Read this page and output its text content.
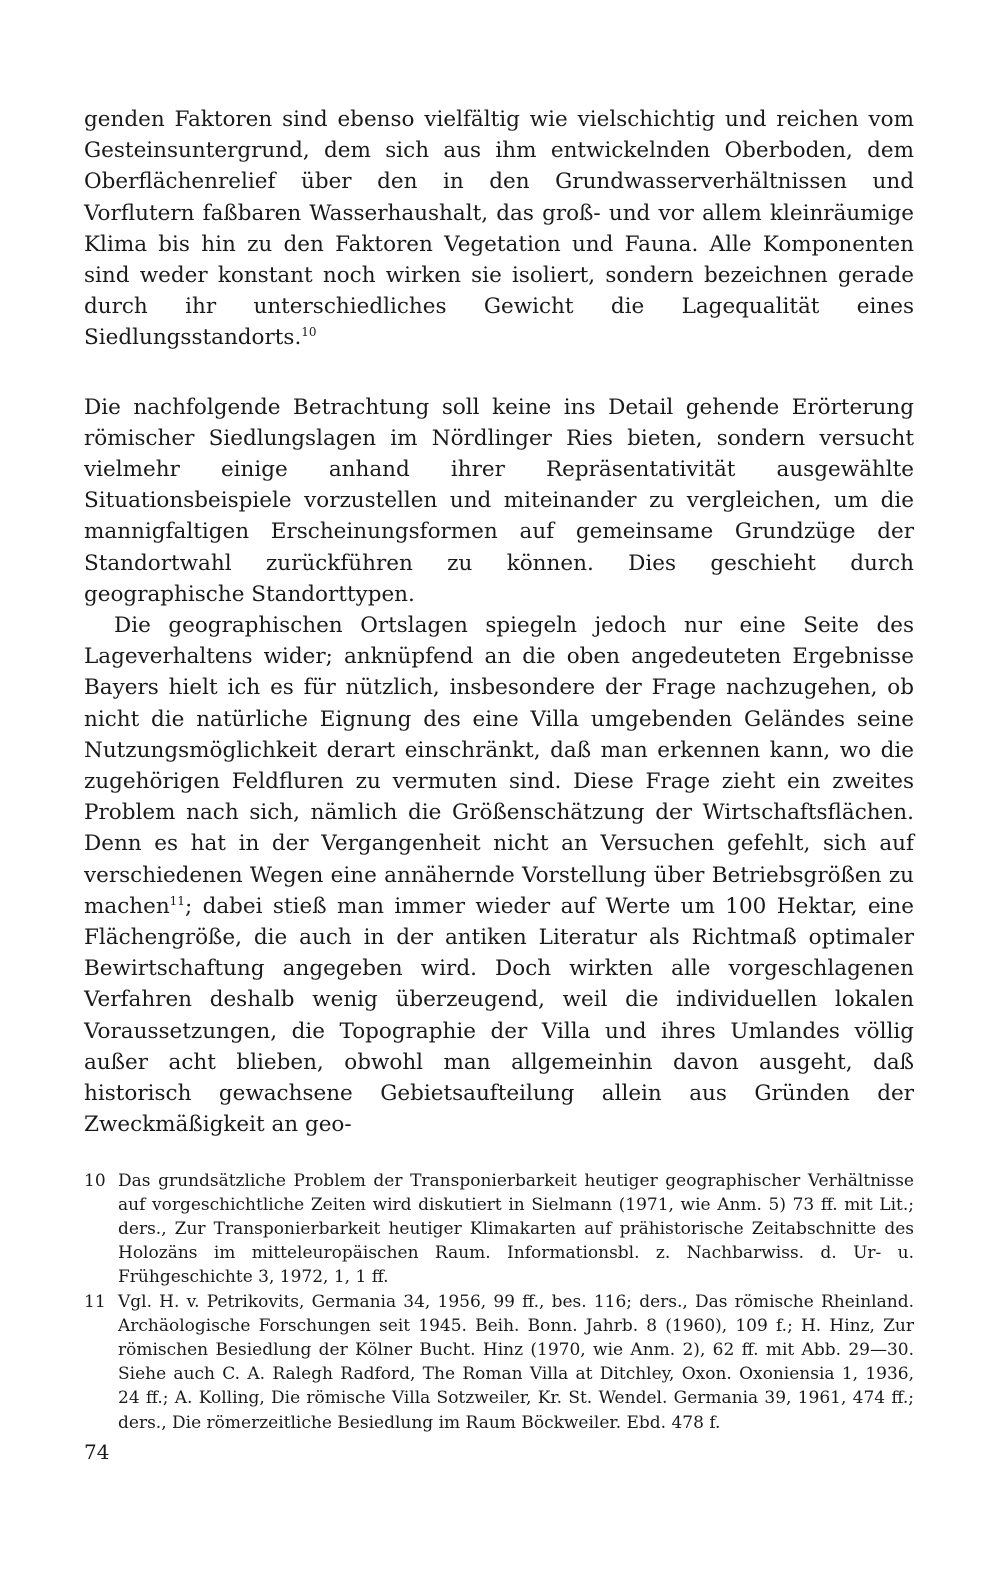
genden Faktoren sind ebenso vielfältig wie vielschichtig und reichen vom Gesteinsuntergrund, dem sich aus ihm entwickelnden Oberboden, dem Oberflächenrelief über den in den Grundwasserverhältnissen und Vorflutern faßbaren Wasserhaushalt, das groß- und vor allem kleinräumige Klima bis hin zu den Faktoren Vegetation und Fauna. Alle Komponenten sind weder konstant noch wirken sie isoliert, sondern bezeichnen gerade durch ihr unterschiedliches Gewicht die Lagequalität eines Siedlungsstandorts.$^{10}$

Die nachfolgende Betrachtung soll keine ins Detail gehende Erörterung römischer Siedlungslagen im Nördlinger Ries bieten, sondern versucht vielmehr einige anhand ihrer Repräsentativität ausgewählte Situationsbeispiele vorzustellen und miteinander zu vergleichen, um die mannigfaltigen Erscheinungsformen auf gemeinsame Grundzüge der Standortwahl zurückführen zu können. Dies geschieht durch geographische Standorttypen.

Die geographischen Ortslagen spiegeln jedoch nur eine Seite des Lageverhaltens wider; anknüpfend an die oben angedeuteten Ergebnisse Bayers hielt ich es für nützlich, insbesondere der Frage nachzugehen, ob nicht die natürliche Eignung des eine Villa umgebenden Geländes seine Nutzungsmöglichkeit derart einschränkt, daß man erkennen kann, wo die zugehörigen Feldfluren zu vermuten sind. Diese Frage zieht ein zweites Problem nach sich, nämlich die Größenschätzung der Wirtschaftsflächen. Denn es hat in der Vergangenheit nicht an Versuchen gefehlt, sich auf verschiedenen Wegen eine annähernde Vorstellung über Betriebsgrößen zu machen$^{11}$; dabei stieß man immer wieder auf Werte um 100 Hektar, eine Flächengröße, die auch in der antiken Literatur als Richtmaß optimaler Bewirtschaftung angegeben wird. Doch wirkten alle vorgeschlagenen Verfahren deshalb wenig überzeugend, weil die individuellen lokalen Voraussetzungen, die Topographie der Villa und ihres Umlandes völlig außer acht blieben, obwohl man allgemeinhin davon ausgeht, daß historisch gewachsene Gebietsaufteilung allein aus Gründen der Zweckmäßigkeit an geo-

10 Das grundsätzliche Problem der Transponierbarkeit heutiger geographischer Verhältnisse auf vorgeschichtliche Zeiten wird diskutiert in Sielmann (1971, wie Anm. 5) 73 ff. mit Lit.; ders., Zur Transponierbarkeit heutiger Klimakarten auf prähistorische Zeitabschnitte des Holozäns im mitteleuropäischen Raum. Informationsbl. z. Nachbarwiss. d. Ur- u. Frühgeschichte 3, 1972, 1, 1 ff.
11 Vgl. H. v. Petrikovits, Germania 34, 1956, 99 ff., bes. 116; ders., Das römische Rheinland. Archäologische Forschungen seit 1945. Beih. Bonn. Jahrb. 8 (1960), 109 f.; H. Hinz, Zur römischen Besiedlung der Kölner Bucht. Hinz (1970, wie Anm. 2), 62 ff. mit Abb. 29—30. Siehe auch C. A. Ralegh Radford, The Roman Villa at Ditchley, Oxon. Oxoniensia 1, 1936, 24 ff.; A. Kolling, Die römische Villa Sotzweiler, Kr. St. Wendel. Germania 39, 1961, 474 ff.; ders., Die römerzeitliche Besiedlung im Raum Böckweiler. Ebd. 478 f.
74
